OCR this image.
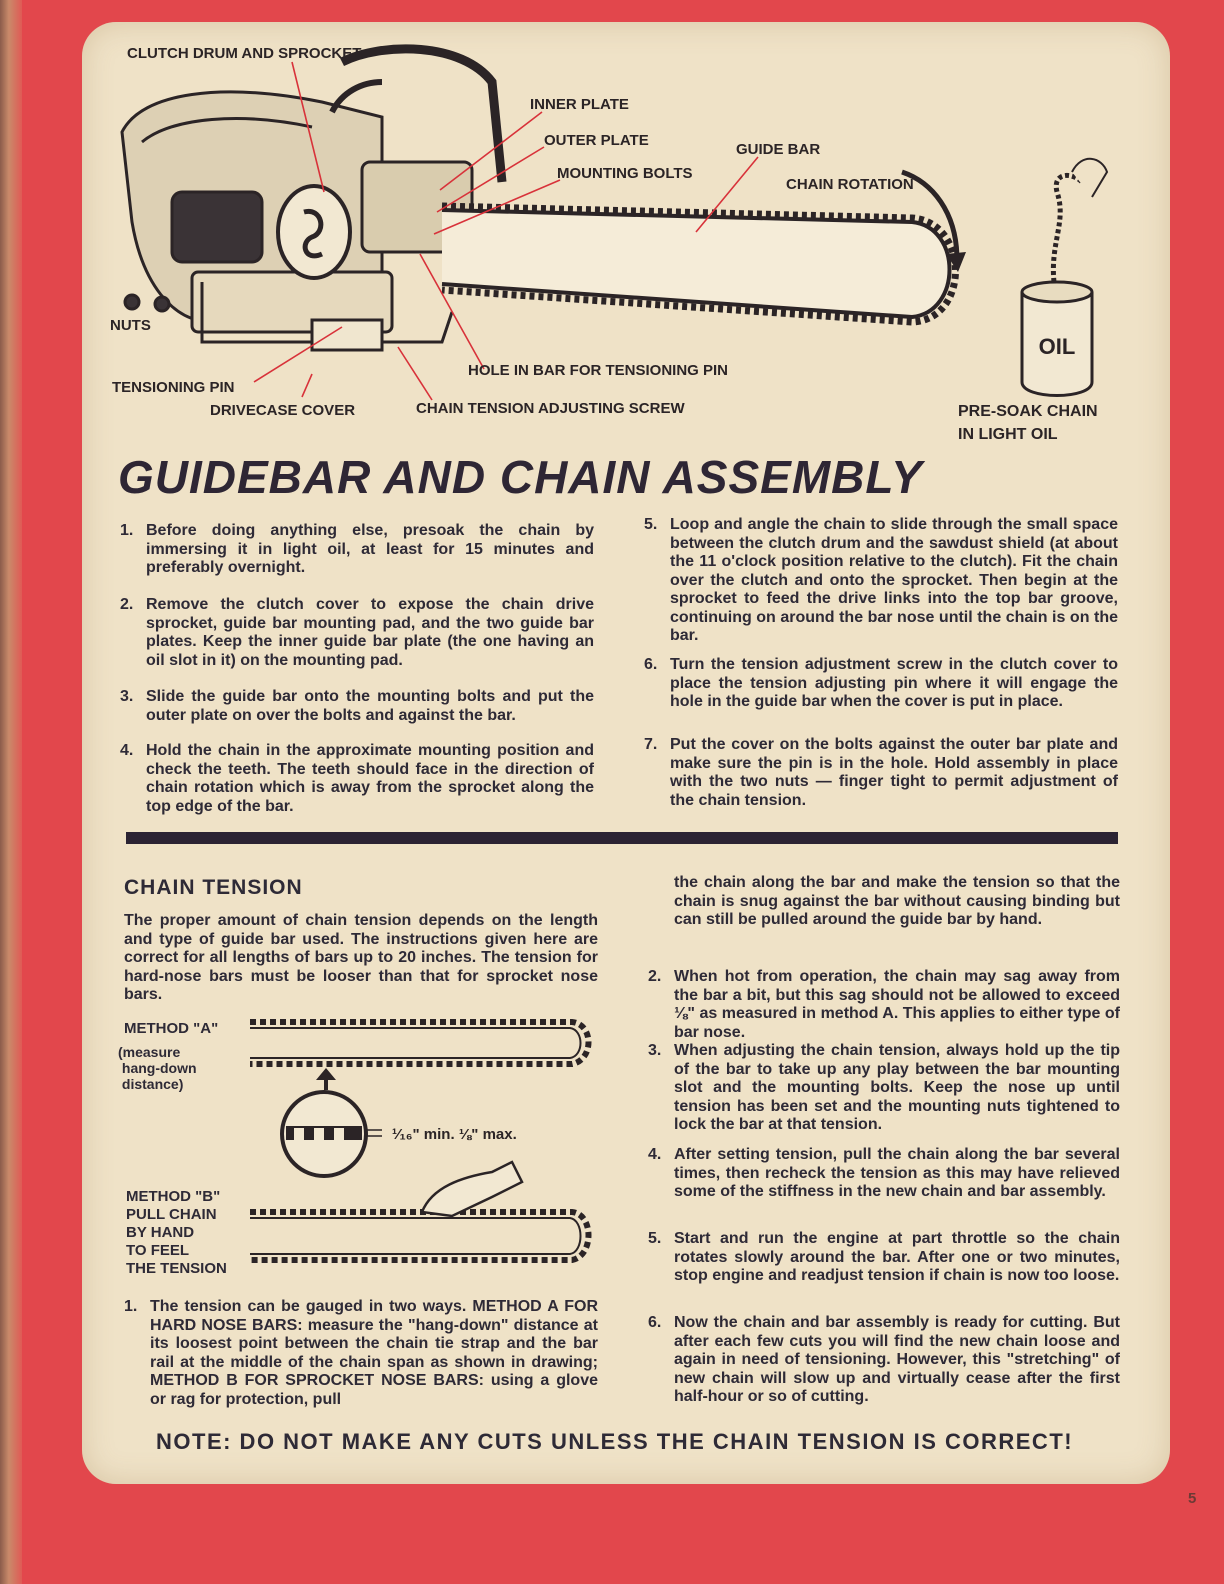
OIL
CLUTCH DRUM AND SPROCKET
INNER PLATE
OUTER PLATE
MOUNTING BOLTS
GUIDE BAR
CHAIN ROTATION
NUTS
TENSIONING PIN
DRIVECASE COVER
HOLE IN BAR FOR TENSIONING PIN
CHAIN TENSION ADJUSTING SCREW	PRE-SOAK CHAIN
IN LIGHT OIL
GUIDEBAR AND CHAIN ASSEMBLY
1. Before doing anything else, presoak the chain by immersing it in light oil, at least for 15 minutes and preferably overnight.
2. Remove the clutch cover to expose the chain drive sprocket, guide bar mounting pad, and the two guide bar plates. Keep the inner guide bar plate (the one having an oil slot in it) on the mounting pad.
3. Slide the guide bar onto the mounting bolts and put the outer plate on over the bolts and against the bar.
4. Hold the chain in the approximate mounting position and check the teeth. The teeth should face in the direction of chain rotation which is away from the sprocket along the top edge of the bar.
5. Loop and angle the chain to slide through the small space between the clutch drum and the sawdust shield (at about the 11 o'clock position relative to the clutch). Fit the chain over the clutch and onto the sprocket. Then begin at the sprocket to feed the drive links into the top bar groove, continuing on around the bar nose until the chain is on the bar.
6. Turn the tension adjustment screw in the clutch cover to place the tension adjusting pin where it will engage the hole in the guide bar when the cover is put in place.
7. Put the cover on the bolts against the outer bar plate and make sure the pin is in the hole. Hold assembly in place with the two nuts — finger tight to permit adjustment of the chain tension.
CHAIN TENSION
The proper amount of chain tension depends on the length and type of guide bar used. The instructions given here are correct for all lengths of bars up to 20 inches. The tension for hard-nose bars must be looser than that for sprocket nose bars.
METHOD "A"
(measure
hang-down
distance)
¹⁄₁₆" min. ⅛" max.
METHOD "B"
PULL CHAIN
BY HAND
TO FEEL
THE TENSION
1. The tension can be gauged in two ways. METHOD A FOR HARD NOSE BARS: measure the "hang-down" distance at its loosest point between the chain tie strap and the bar rail at the middle of the chain span as shown in drawing; METHOD B FOR SPROCKET NOSE BARS: using a glove or rag for protection, pull
the chain along the bar and make the tension so that the chain is snug against the bar without causing binding but can still be pulled around the guide bar by hand.
2. When hot from operation, the chain may sag away from the bar a bit, but this sag should not be allowed to exceed ⅛" as measured in method A. This applies to either type of bar nose.
3. When adjusting the chain tension, always hold up the tip of the bar to take up any play between the bar mounting slot and the mounting bolts. Keep the nose up until tension has been set and the mounting nuts tightened to lock the bar at that tension.
4. After setting tension, pull the chain along the bar several times, then recheck the tension as this may have relieved some of the stiffness in the new chain and bar assembly.
5. Start and run the engine at part throttle so the chain rotates slowly around the bar. After one or two minutes, stop engine and readjust tension if chain is now too loose.
6. Now the chain and bar assembly is ready for cutting. But after each few cuts you will find the new chain loose and again in need of tensioning. However, this "stretching" of new chain will slow up and virtually cease after the first half-hour or so of cutting.
NOTE: DO NOT MAKE ANY CUTS UNLESS THE CHAIN TENSION IS CORRECT!
5
